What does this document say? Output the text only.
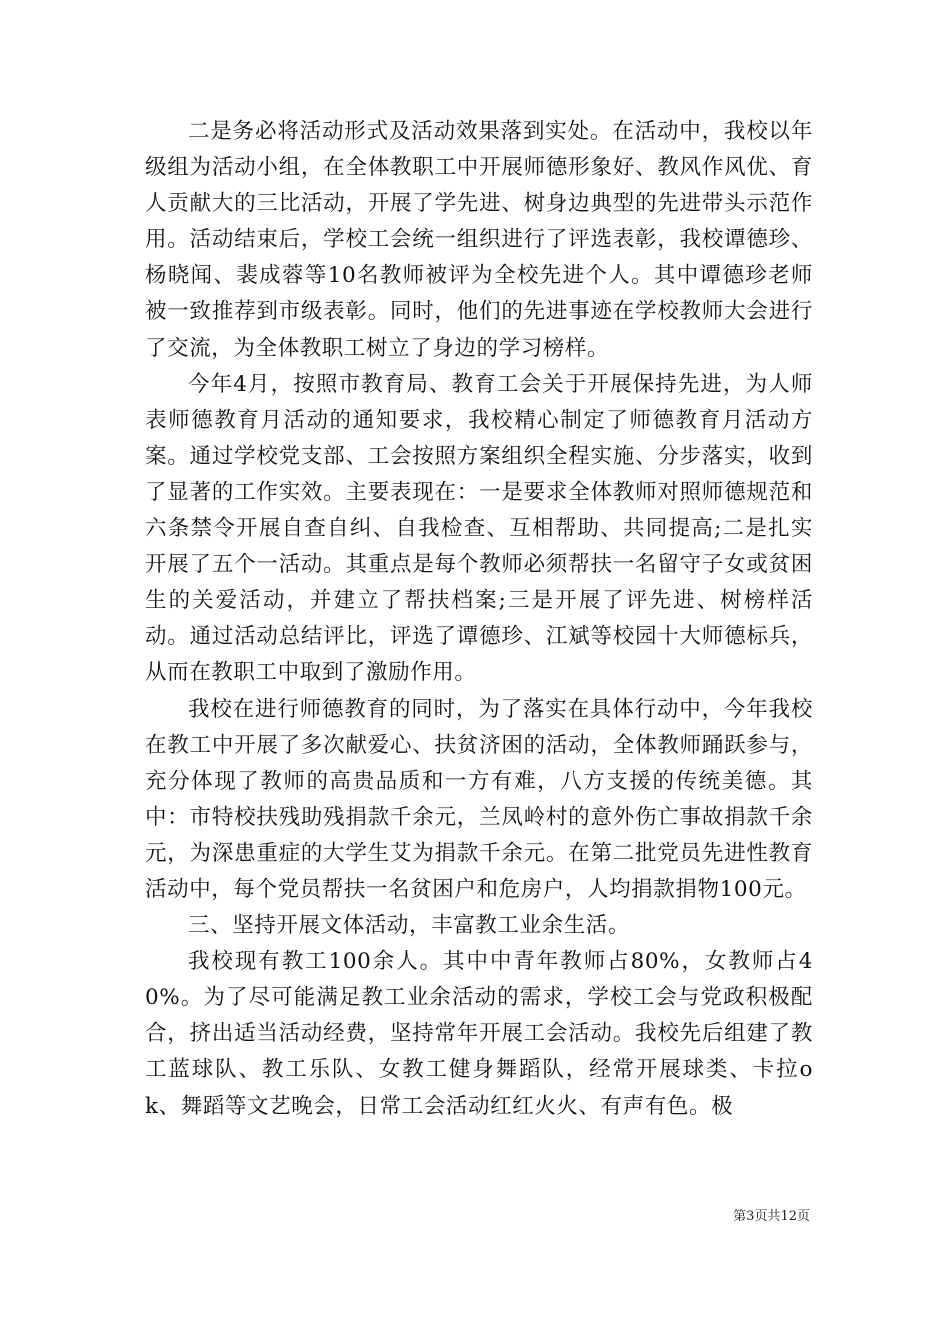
二是务必将活动形式及活动效果落到实处。在活动中，我校以年级组为活动小组，在全体教职工中开展师德形象好、教风作风优、育人贡献大的三比活动，开展了学先进、树身边典型的先进带头示范作用。活动结束后，学校工会统一组织进行了评选表彰，我校谭德珍、杨晓闻、裴成蓉等10名教师被评为全校先进个人。其中谭德珍老师被一致推荐到市级表彰。同时，他们的先进事迹在学校教师大会进行了交流，为全体教职工树立了身边的学习榜样。

今年4月，按照市教育局、教育工会关于开展保持先进，为人师表师德教育月活动的通知要求，我校精心制定了师德教育月活动方案。通过学校党支部、工会按照方案组织全程实施、分步落实，收到了显著的工作实效。主要表现在：一是要求全体教师对照师德规范和六条禁令开展自查自纠、自我检查、互相帮助、共同提高;二是扎实开展了五个一活动。其重点是每个教师必须帮扶一名留守子女或贫困生的关爱活动，并建立了帮扶档案;三是开展了评先进、树榜样活动。通过活动总结评比，评选了谭德珍、江斌等校园十大师德标兵，从而在教职工中取到了激励作用。

我校在进行师德教育的同时，为了落实在具体行动中，今年我校在教工中开展了多次献爱心、扶贫济困的活动，全体教师踊跃参与，充分体现了教师的高贵品质和一方有难，八方支援的传统美德。其中：市特校扶残助残捐款千余元，兰凤岭村的意外伤亡事故捐款千余元，为深患重症的大学生艾为捐款千余元。在第二批党员先进性教育活动中，每个党员帮扶一名贫困户和危房户，人均捐款捐物100元。

三、坚持开展文体活动，丰富教工业余生活。

我校现有教工100余人。其中中青年教师占80%，女教师占40%。为了尽可能满足教工业余活动的需求，学校工会与党政积极配合，挤出适当活动经费，坚持常年开展工会活动。我校先后组建了教工蓝球队、教工乐队、女教工健身舞蹈队，经常开展球类、卡拉ok、舞蹈等文艺晚会，日常工会活动红红火火、有声有色。极

第3页共12页
